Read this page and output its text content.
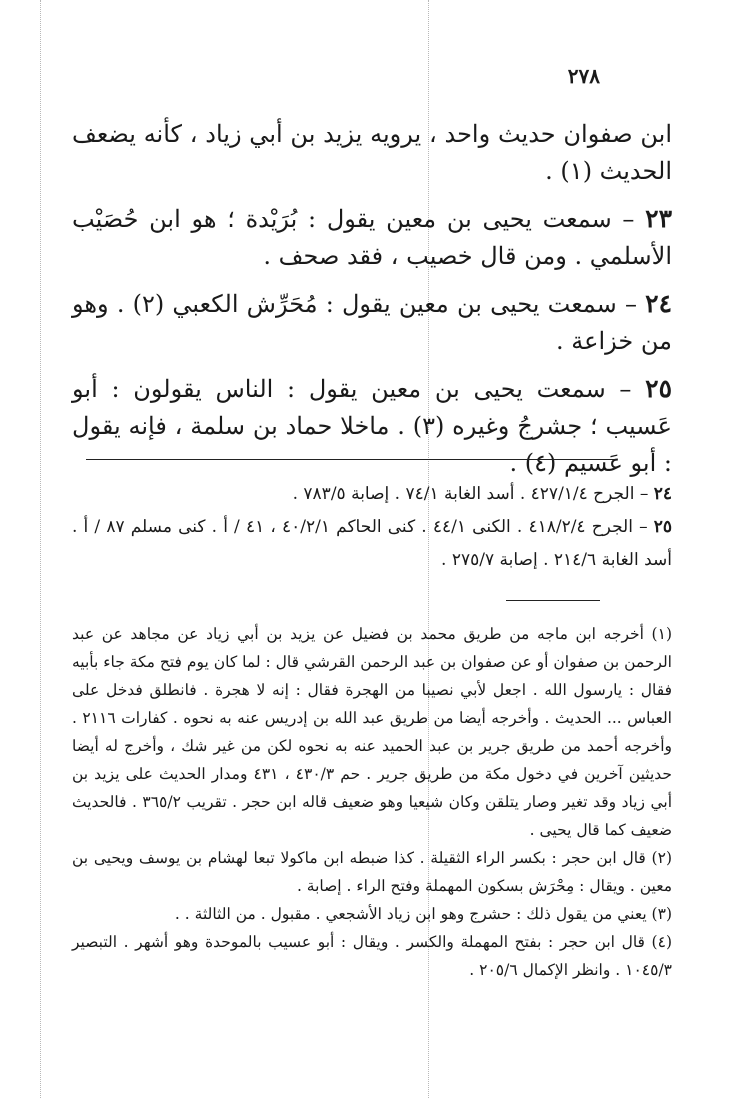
٢٧٨

ابن صفوان حديث واحد ، يرويه يزيد بن أبي زياد ، كأنه يضعف الحديث (١) .

٢٣ – سمعت يحيى بن معين يقول : بُرَيْدة ؛ هو ابن حُصَيْب الأسلمي . ومن قال خصيب ، فقد صحف .

٢٤ – سمعت يحيى بن معين يقول : مُحَرِّش الكعبي (٢) . وهو من خزاعة .

٢٥ – سمعت يحيى بن معين يقول : الناس يقولون : أبو عَسيب ؛ جشرجُ وغيره (٣) . ماخلا حماد بن سلمة ، فإنه يقول : أبو عَسيم (٤) .

٢٤ – الجرح ٤٢٧/١/٤ . أسد الغابة ٧٤/١ . إصابة ٧٨٣/٥ .

٢٥ – الجرح ٤١٨/٢/٤ . الكنى ٤٤/١ . كنى الحاكم ٤٠/٢/١ ، ٤١ / أ . كنى مسلم ٨٧ / أ . أسد الغابة ٢١٤/٦ . إصابة ٢٧٥/٧ .

(١) أخرجه ابن ماجه من طريق محمد بن فضيل عن يزيد بن أبي زياد عن مجاهد عن عبد الرحمن بن صفوان أو عن صفوان بن عبد الرحمن القرشي قال : لما كان يوم فتح مكة جاء بأبيه فقال : يارسول الله . اجعل لأبي نصيبا من الهجرة فقال : إنه لا هجرة . فانطلق فدخل على العباس ... الحديث . وأخرجه أيضا من طريق عبد الله بن إدريس عنه به نحوه . كفارات ٢١١٦ . وأخرجه أحمد من طريق جرير بن عبد الحميد عنه به نحوه لكن من غير شك ، وأخرج له أيضا حديثين آخرين في دخول مكة من طريق جرير . حم ٤٣٠/٣ ، ٤٣١ ومدار الحديث على يزيد بن أبي زياد وقد تغير وصار يتلقن وكان شيعيا وهو ضعيف قاله ابن حجر . تقريب ٣٦٥/٢ . فالحديث ضعيف كما قال يحيى .

(٢) قال ابن حجر : بكسر الراء الثقيلة . كذا ضبطه ابن ماكولا تبعا لهشام بن يوسف ويحيى بن معين . ويقال : مِحْرَش بسكون المهملة وفتح الراء . إصابة .

(٣) يعني من يقول ذلك : حشرج وهو ابن زياد الأشجعي . مقبول . من الثالثة . .

(٤) قال ابن حجر : بفتح المهملة والكسر . ويقال : أبو عسيب بالموحدة وهو أشهر . التبصير ١٠٤٥/٣ . وانظر الإكمال ٢٠٥/٦ .
